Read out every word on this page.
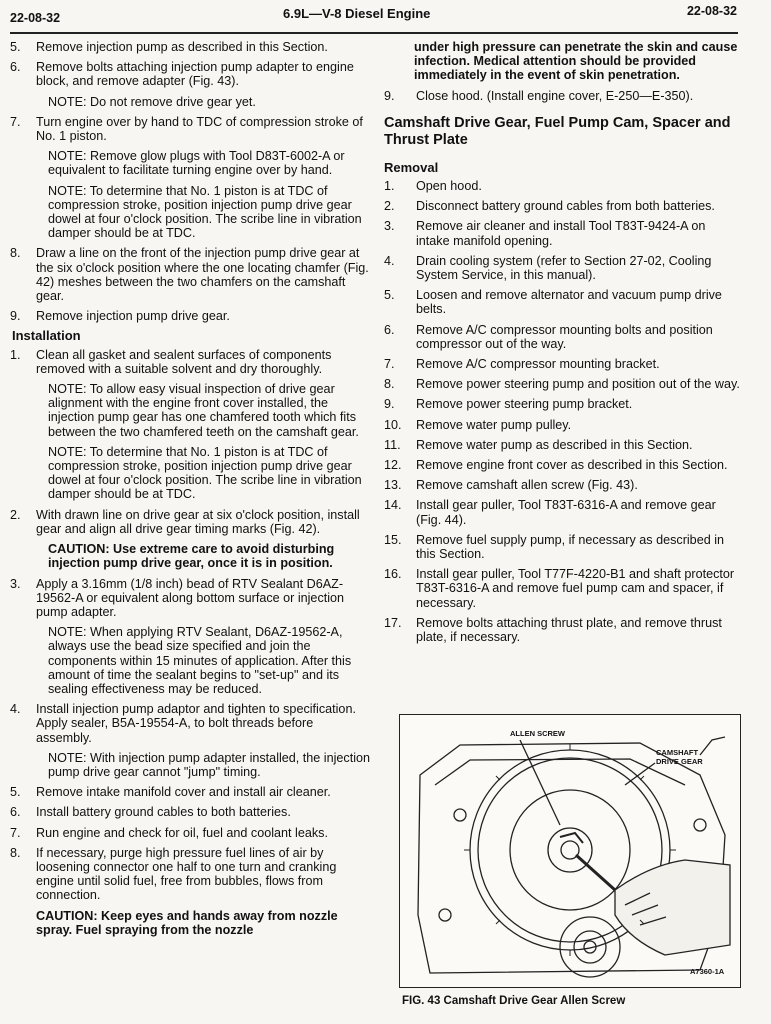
22-08-32	6.9L—V-8 Diesel Engine	22-08-32
5.	Remove injection pump as described in this Section.
6.	Remove bolts attaching injection pump adapter to engine block, and remove adapter (Fig. 43).
NOTE: Do not remove drive gear yet.
7.	Turn engine over by hand to TDC of compression stroke of No. 1 piston.
NOTE: Remove glow plugs with Tool D83T-6002-A or equivalent to facilitate turning engine over by hand.
NOTE: To determine that No. 1 piston is at TDC of compression stroke, position injection pump drive gear dowel at four o'clock position. The scribe line in vibration damper should be at TDC.
8.	Draw a line on the front of the injection pump drive gear at the six o'clock position where the one locating chamfer (Fig. 42) meshes between the two chamfers on the camshaft gear.
9.	Remove injection pump drive gear.
Installation
1.	Clean all gasket and sealent surfaces of components removed with a suitable solvent and dry thoroughly.
NOTE: To allow easy visual inspection of drive gear alignment with the engine front cover installed, the injection pump gear has one chamfered tooth which fits between the two chamfered teeth on the camshaft gear.
NOTE: To determine that No. 1 piston is at TDC of compression stroke, position injection pump drive gear dowel at four o'clock position. The scribe line in vibration damper should be at TDC.
2.	With drawn line on drive gear at six o'clock position, install gear and align all drive gear timing marks (Fig. 42).
CAUTION: Use extreme care to avoid disturbing injection pump drive gear, once it is in position.
3.	Apply a 3.16mm (1/8 inch) bead of RTV Sealant D6AZ-19562-A or equivalent along bottom surface or injection pump adapter.
NOTE: When applying RTV Sealant, D6AZ-19562-A, always use the bead size specified and join the components within 15 minutes of application. After this amount of time the sealant begins to "set-up" and its sealing effectiveness may be reduced.
4.	Install injection pump adaptor and tighten to specification. Apply sealer, B5A-19554-A, to bolt threads before assembly.
NOTE: With injection pump adapter installed, the injection pump drive gear cannot "jump" timing.
5.	Remove intake manifold cover and install air cleaner.
6.	Install battery ground cables to both batteries.
7.	Run engine and check for oil, fuel and coolant leaks.
8.	If necessary, purge high pressure fuel lines of air by loosening connector one half to one turn and cranking engine until solid fuel, free from bubbles, flows from connection.
CAUTION: Keep eyes and hands away from nozzle spray. Fuel spraying from the nozzle
under high pressure can penetrate the skin and cause infection. Medical attention should be provided immediately in the event of skin penetration.
9.	Close hood. (Install engine cover, E-250—E-350).
Camshaft Drive Gear, Fuel Pump Cam, Spacer and Thrust Plate
Removal
1.	Open hood.
2.	Disconnect battery ground cables from both batteries.
3.	Remove air cleaner and install Tool T83T-9424-A on intake manifold opening.
4.	Drain cooling system (refer to Section 27-02, Cooling System Service, in this manual).
5.	Loosen and remove alternator and vacuum pump drive belts.
6.	Remove A/C compressor mounting bolts and position compressor out of the way.
7.	Remove A/C compressor mounting bracket.
8.	Remove power steering pump and position out of the way.
9.	Remove power steering pump bracket.
10.	Remove water pump pulley.
11.	Remove water pump as described in this Section.
12.	Remove engine front cover as described in this Section.
13.	Remove camshaft allen screw (Fig. 43).
14.	Install gear puller, Tool T83T-6316-A and remove gear (Fig. 44).
15.	Remove fuel supply pump, if necessary as described in this Section.
16.	Install gear puller, Tool T77F-4220-B1 and shaft protector T83T-6316-A and remove fuel pump cam and spacer, if necessary.
17.	Remove bolts attaching thrust plate, and remove thrust plate, if necessary.
ALLEN SCREW
CAMSHAFT
DRIVE GEAR
A7360-1A
FIG. 43 Camshaft Drive Gear Allen Screw
